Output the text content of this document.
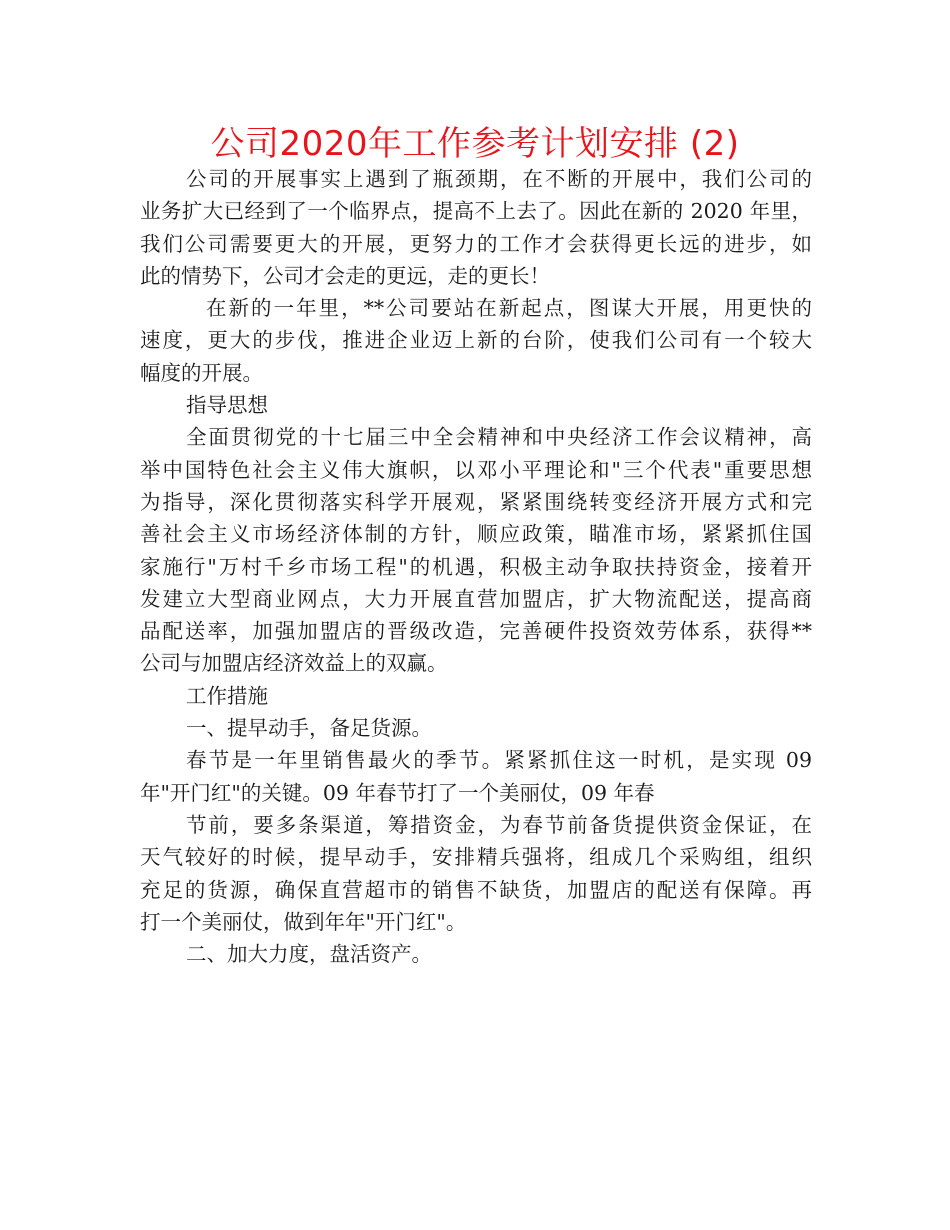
公司2020年工作参考计划安排 (2)
公司的开展事实上遇到了瓶颈期，在不断的开展中，我们公司的
业务扩大已经到了一个临界点，提高不上去了。因此在新的 2020 年里，
我们公司需要更大的开展，更努力的工作才会获得更长远的进步，如
此的情势下，公司才会走的更远，走的更长！
在新的一年里，**公司要站在新起点，图谋大开展，用更快的
速度，更大的步伐，推进企业迈上新的台阶，使我们公司有一个较大
幅度的开展。
指导思想
全面贯彻党的十七届三中全会精神和中央经济工作会议精神，高
举中国特色社会主义伟大旗帜，以邓小平理论和"三个代表"重要思想
为指导，深化贯彻落实科学开展观，紧紧围绕转变经济开展方式和完
善社会主义市场经济体制的方针，顺应政策，瞄准市场，紧紧抓住国
家施行"万村千乡市场工程"的机遇，积极主动争取扶持资金，接着开
发建立大型商业网点，大力开展直营加盟店，扩大物流配送，提高商
品配送率，加强加盟店的晋级改造，完善硬件投资效劳体系，获得**
公司与加盟店经济效益上的双赢。
工作措施
一、提早动手，备足货源。
春节是一年里销售最火的季节。紧紧抓住这一时机，是实现 09
年"开门红"的关键。09 年春节打了一个美丽仗，09 年春
节前，要多条渠道，筹措资金，为春节前备货提供资金保证，在
天气较好的时候，提早动手，安排精兵强将，组成几个采购组，组织
充足的货源，确保直营超市的销售不缺货，加盟店的配送有保障。再
打一个美丽仗，做到年年"开门红"。
二、加大力度，盘活资产。
